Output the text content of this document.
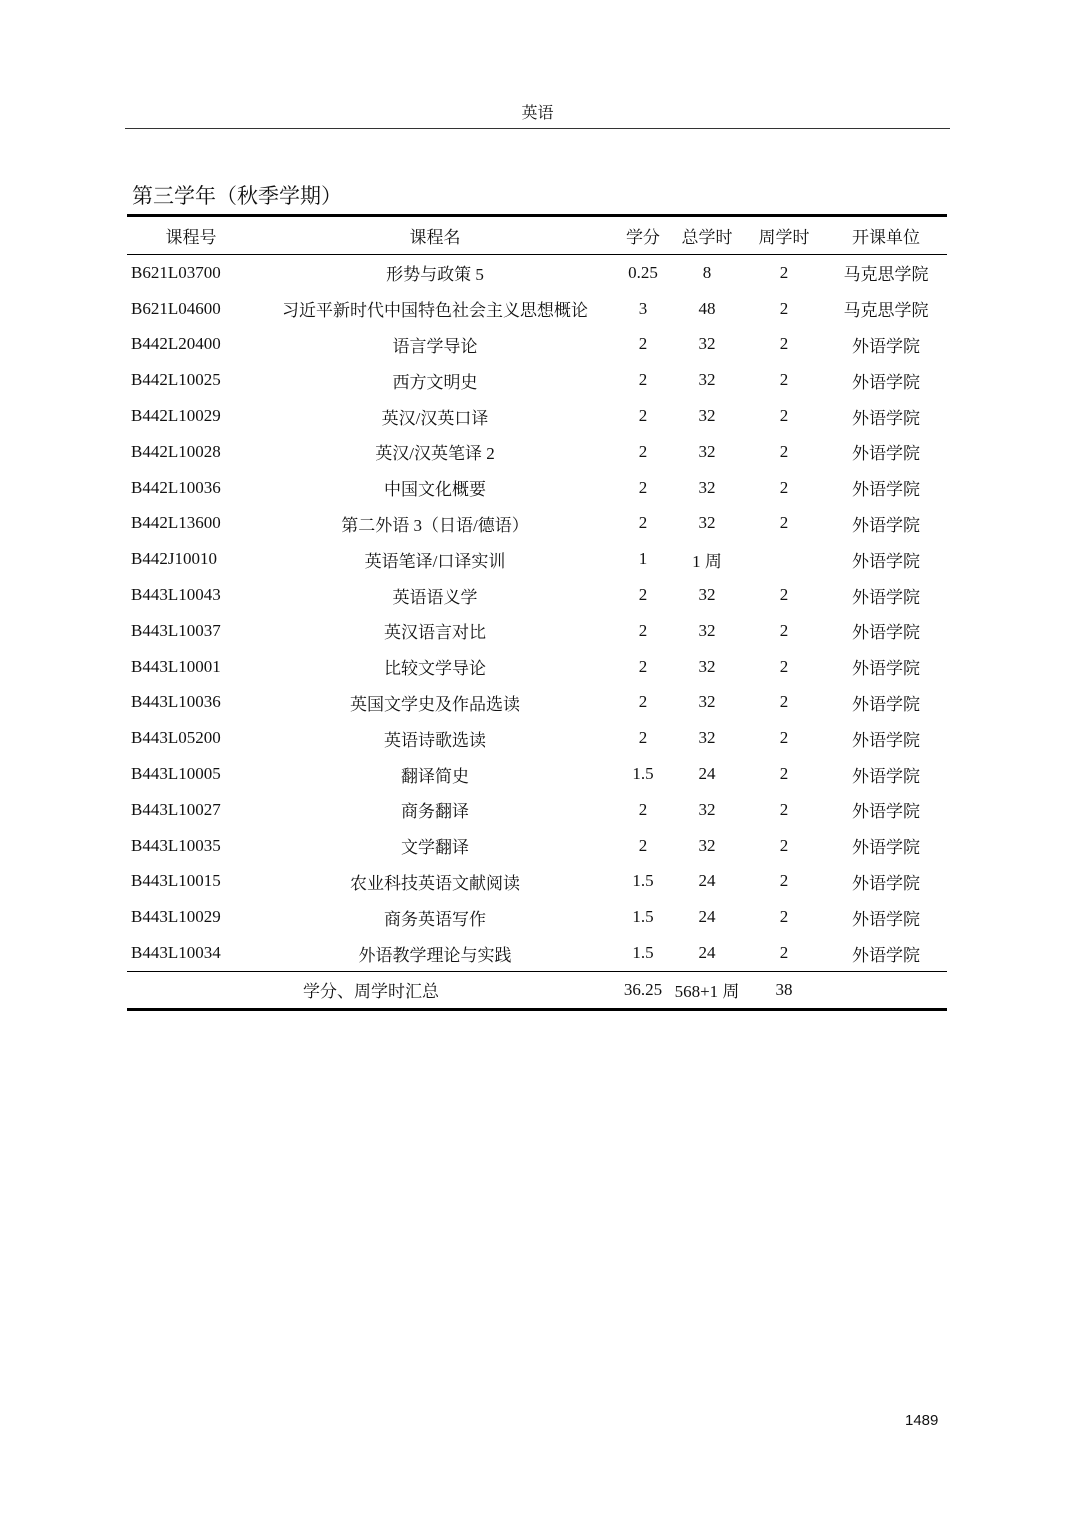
英语
第三学年（秋季学期）
课程号	课程名	学分	总学时	周学时	开课单位
B621L03700	形势与政策 5	0.25	8	2	马克思学院
B621L04600	习近平新时代中国特色社会主义思想概论	3	48	2	马克思学院
B442L20400	语言学导论	2	32	2	外语学院
B442L10025	西方文明史	2	32	2	外语学院
B442L10029	英汉/汉英口译	2	32	2	外语学院
B442L10028	英汉/汉英笔译 2	2	32	2	外语学院
B442L10036	中国文化概要	2	32	2	外语学院
B442L13600	第二外语 3（日语/德语）	2	32	2	外语学院
B442J10010	英语笔译/口译实训	1	1 周		外语学院
B443L10043	英语语义学	2	32	2	外语学院
B443L10037	英汉语言对比	2	32	2	外语学院
B443L10001	比较文学导论	2	32	2	外语学院
B443L10036	英国文学史及作品选读	2	32	2	外语学院
B443L05200	英语诗歌选读	2	32	2	外语学院
B443L10005	翻译简史	1.5	24	2	外语学院
B443L10027	商务翻译	2	32	2	外语学院
B443L10035	文学翻译	2	32	2	外语学院
B443L10015	农业科技英语文献阅读	1.5	24	2	外语学院
B443L10029	商务英语写作	1.5	24	2	外语学院
B443L10034	外语教学理论与实践	1.5	24	2	外语学院
学分、周学时汇总		36.25	568+1 周	38	
1489
